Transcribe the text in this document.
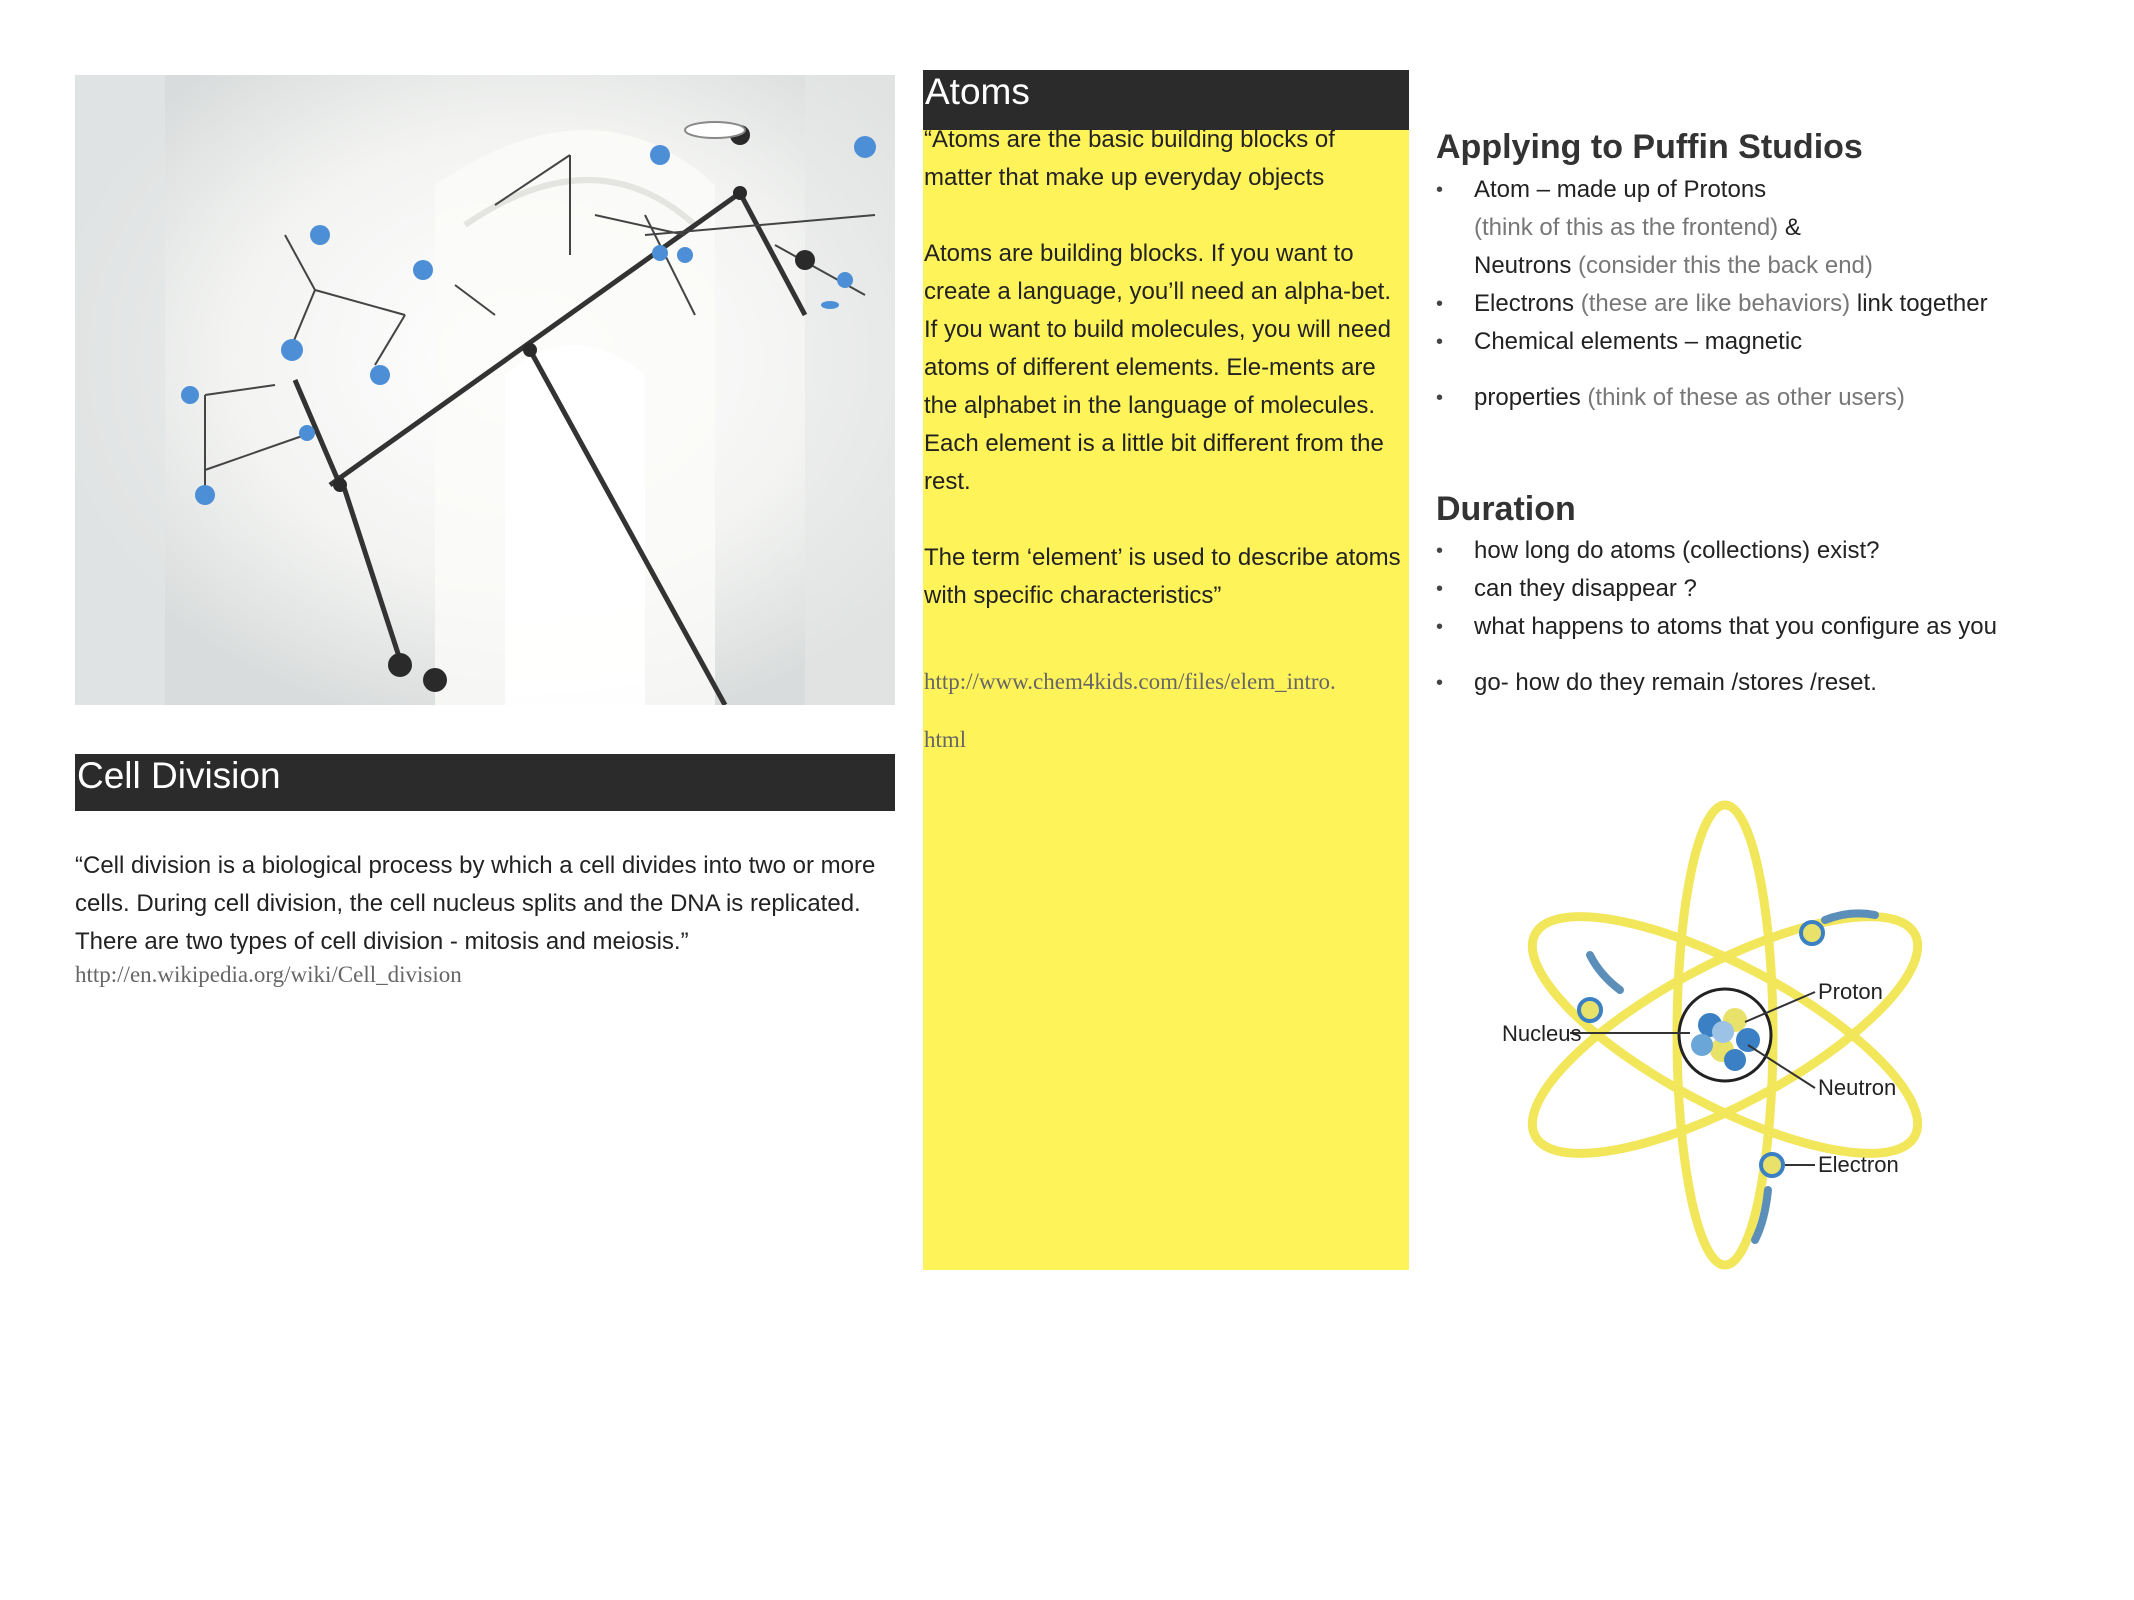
Cell Division
“Cell division is a biological process by which a cell divides into two or more cells. During cell division, the cell nucleus splits and the DNA is replicated. There are two types of cell division - mitosis and meiosis.”
http://en.wikipedia.org/wiki/Cell_division
Atoms

“Atoms are the basic building blocks of matter that make up everyday objects

Atoms are building blocks. If you want to create a language, you’ll need an alpha-bet. If you want to build molecules, you will need atoms of different elements. Ele-ments are the alphabet in the language of molecules. Each element is a little bit different from the rest.

The term ‘element’ is used to describe atoms with specific characteristics”

http://www.chem4kids.com/files/elem_intro.
html
Applying to Puffin Studios
• Atom – made up of Protons
(think of this as the frontend) &
Neutrons (consider this the back end)
• Electrons (these are like behaviors) link together
• Chemical elements – magnetic
• properties (think of these as other users)
Duration
• how long do atoms (collections) exist?
• can they disappear ?
• what happens to atoms that you configure as you
• go- how do they remain /stores /reset.
Nucleus
Proton
Neutron
Electron
